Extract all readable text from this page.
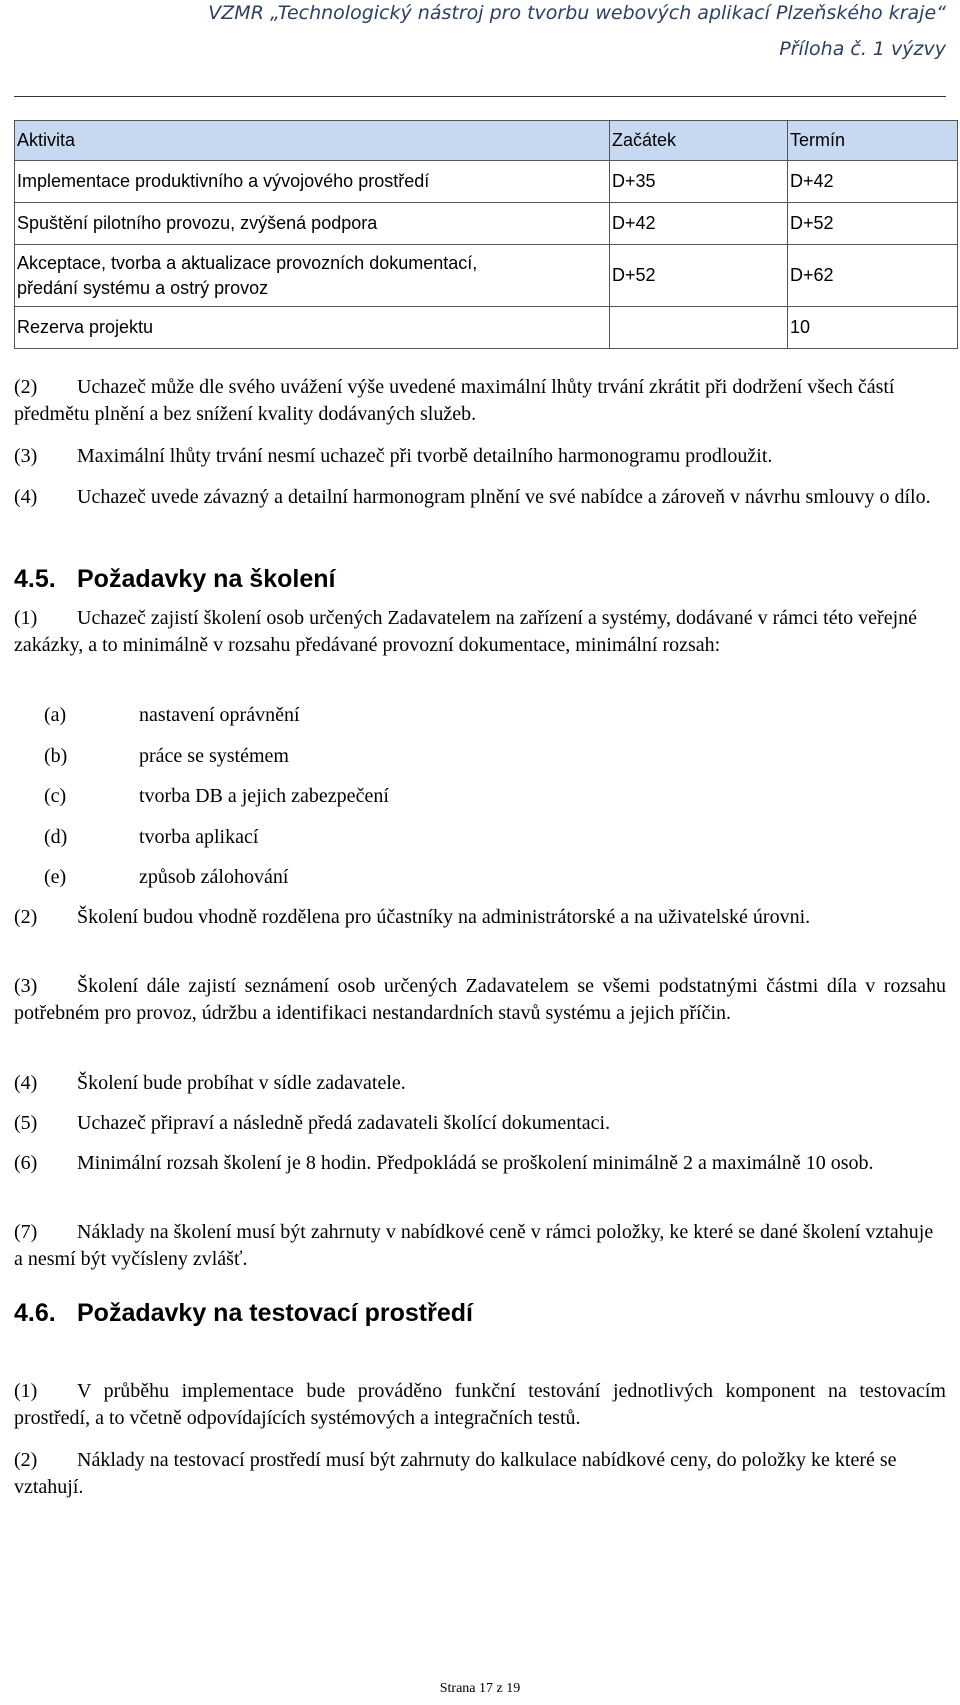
VZMR „Technologický nástroj pro tvorbu webových aplikací Plzeňského kraje“
Příloha č. 1 výzvy
Aktivita	Začátek	Termín
Implementace produktivního a vývojového prostředí	D+35	D+42
Spuštění pilotního provozu, zvýšená podpora	D+42	D+52

Akceptace, tvorba a aktualizace provozních dokumentací,
předání systému a ostrý provoz	D+52	D+62
Rezerva projektu		10

(2) Uchazeč může dle svého uvážení výše uvedené maximální lhůty trvání zkrátit při dodržení všech částí předmětu plnění a bez snížení kvality dodávaných služeb.

(3) Maximální lhůty trvání nesmí uchazeč při tvorbě detailního harmonogramu prodloužit.

(4) Uchazeč uvede závazný a detailní harmonogram plnění ve své nabídce a zároveň v návrhu smlouvy o dílo.

4.5. Požadavky na školení

(1) Uchazeč zajistí školení osob určených Zadavatelem na zařízení a systémy, dodávané v rámci této veřejné zakázky, a to minimálně v rozsahu předávané provozní dokumentace, minimální rozsah:

(a)	nastavení oprávnění
(b)	práce se systémem
(c)	tvorba DB a jejich zabezpečení
(d)	tvorba aplikací
(e)	způsob zálohování

(2) Školení budou vhodně rozdělena pro účastníky na administrátorské a na uživatelské úrovni.

(3) Školení dále zajistí seznámení osob určených Zadavatelem se všemi podstatnými částmi díla v rozsahu potřebném pro provoz, údržbu a identifikaci nestandardních stavů systému a jejich příčin.

(4) Školení bude probíhat v sídle zadavatele.

(5) Uchazeč připraví a následně předá zadavateli školící dokumentaci.

(6) Minimální rozsah školení je 8 hodin. Předpokládá se proškolení minimálně 2 a maximálně 10 osob.

(7) Náklady na školení musí být zahrnuty v nabídkové ceně v rámci položky, ke které se dané školení vztahuje a nesmí být vyčísleny zvlášť.

4.6. Požadavky na testovací prostředí

(1) V průběhu implementace bude prováděno funkční testování jednotlivých komponent na testovacím prostředí, a to včetně odpovídajících systémových a integračních testů.

(2) Náklady na testovací prostředí musí být zahrnuty do kalkulace nabídkové ceny, do položky ke které se vztahují.

Strana 17 z 19
